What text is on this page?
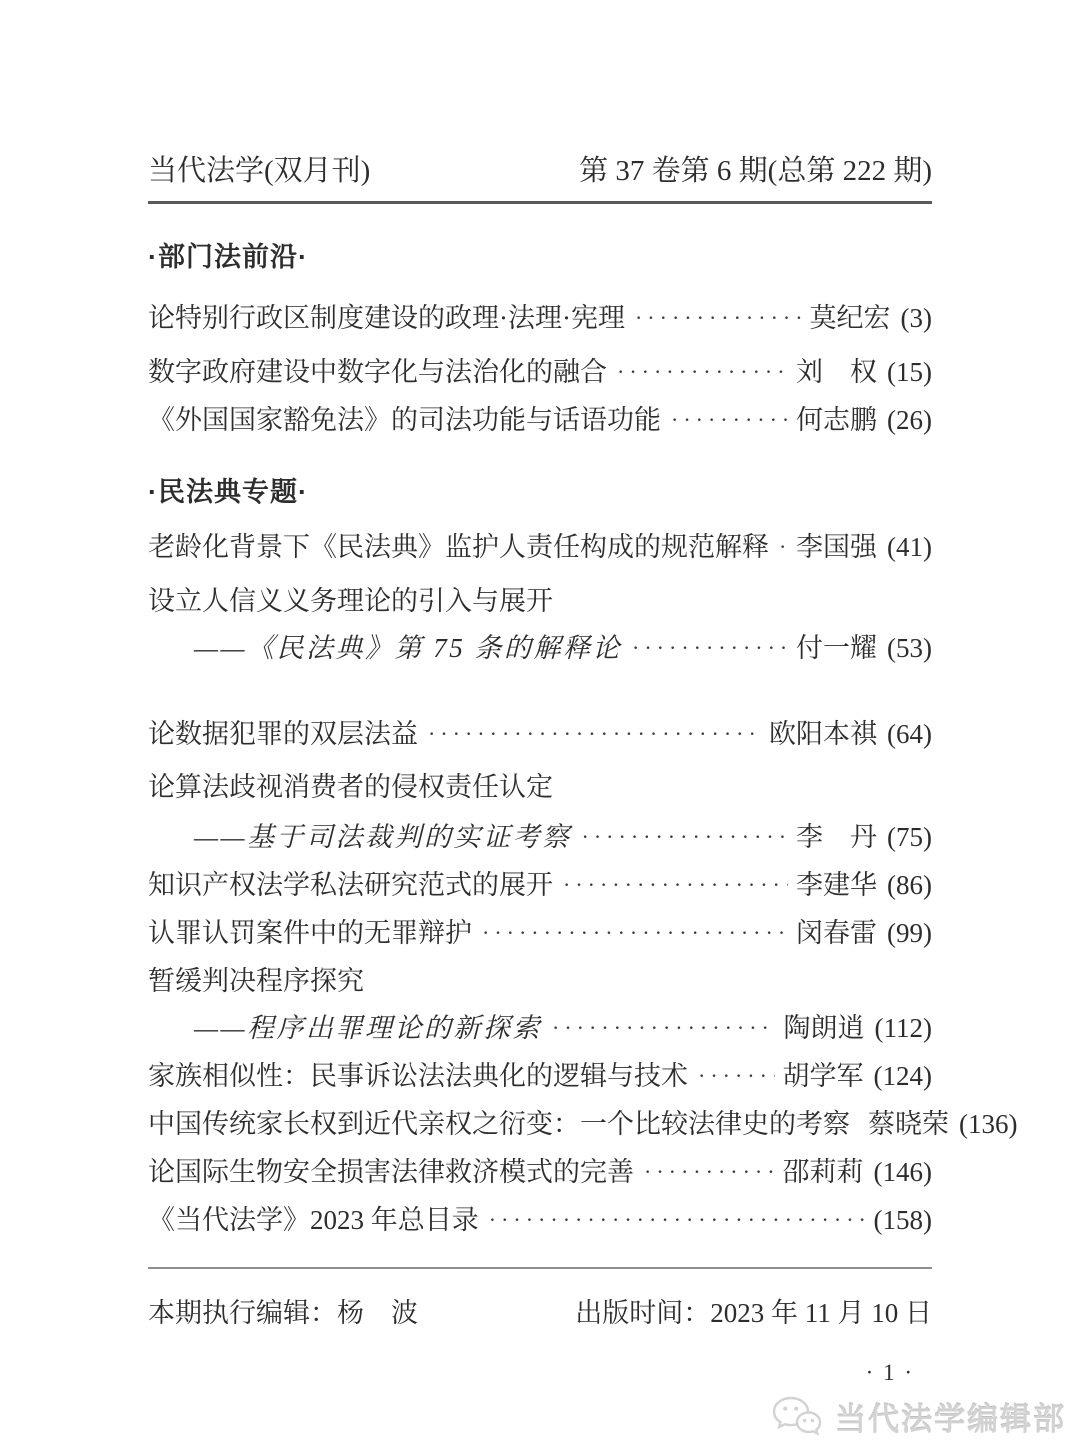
当代法学(双月刊)	第 37 卷第 6 期(总第 222 期)
·部门法前沿·
论特别行政区制度建设的政理·法理·宪理 ·····	莫纪宏 (3)
数字政府建设中数字化与法治化的融合 ·····	刘　权 (15)
《外国国家豁免法》的司法功能与话语功能 ·····	何志鹏 (26)
·民法典专题·
老龄化背景下《民法典》监护人责任构成的规范解释 ····· 李国强 (41)
设立人信义义务理论的引入与展开
——《民法典》第 75 条的解释论 ·····	付一耀 (53)
论数据犯罪的双层法益 ·····	欧阳本祺 (64)
论算法歧视消费者的侵权责任认定
——基于司法裁判的实证考察 ·····	李　丹 (75)
知识产权法学私法研究范式的展开 ·····	李建华 (86)
认罪认罚案件中的无罪辩护 ·····	闵春雷 (99)
暂缓判决程序探究
——程序出罪理论的新探索 ·····	陶朗逍 (112)
家族相似性：民事诉讼法法典化的逻辑与技术 ·····	胡学军 (124)
中国传统家长权到近代亲权之衍变：一个比较法律史的考察 蔡晓荣 (136)
论国际生物安全损害法律救济模式的完善 ·····	邵莉莉 (146)
《当代法学》2023 年总目录 ·····	(158)
本期执行编辑：杨　波	出版时间：2023 年 11 月 10 日
· 1 ·
当代法学编辑部
